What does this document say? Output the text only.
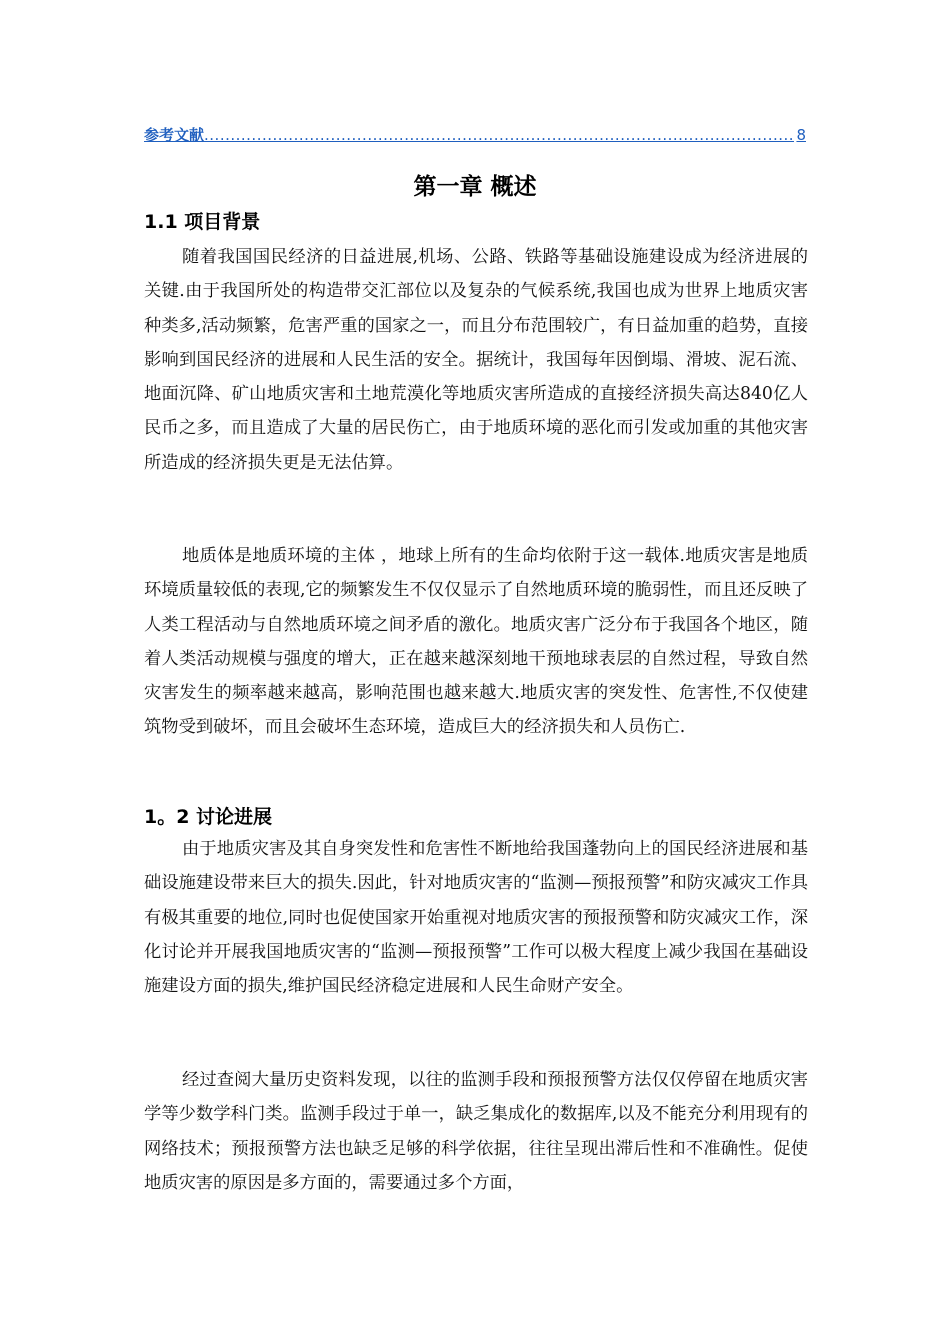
参考文献
.....	8
第一章 概述
1.1 项目背景

随着我国国民经济的日益进展,机场、公路、铁路等基础设施建设成为经济进展的关键.由于我国所处的构造带交汇部位以及复杂的气候系统,我国也成为世界上地质灾害种类多,活动频繁，危害严重的国家之一，而且分布范围较广，有日益加重的趋势，直接影响到国民经济的进展和人民生活的安全。据统计，我国每年因倒塌、滑坡、泥石流、地面沉降、矿山地质灾害和土地荒漠化等地质灾害所造成的直接经济损失高达840亿人民币之多，而且造成了大量的居民伤亡，由于地质环境的恶化而引发或加重的其他灾害所造成的经济损失更是无法估算。

地质体是地质环境的主体 ，地球上所有的生命均依附于这一载体.地质灾害是地质环境质量较低的表现,它的频繁发生不仅仅显示了自然地质环境的脆弱性，而且还反映了人类工程活动与自然地质环境之间矛盾的激化。地质灾害广泛分布于我国各个地区，随着人类活动规模与强度的增大，正在越来越深刻地干预地球表层的自然过程，导致自然灾害发生的频率越来越高，影响范围也越来越大.地质灾害的突发性、危害性,不仅使建筑物受到破坏，而且会破坏生态环境，造成巨大的经济损失和人员伤亡.

1。2 讨论进展

由于地质灾害及其自身突发性和危害性不断地给我国蓬勃向上的国民经济进展和基础设施建设带来巨大的损失.因此，针对地质灾害的“监测—预报预警”和防灾减灾工作具有极其重要的地位,同时也促使国家开始重视对地质灾害的预报预警和防灾减灾工作，深化讨论并开展我国地质灾害的“监测—预报预警”工作可以极大程度上减少我国在基础设施建设方面的损失,维护国民经济稳定进展和人民生命财产安全。

经过查阅大量历史资料发现，以往的监测手段和预报预警方法仅仅停留在地质灾害学等少数学科门类。监测手段过于单一，缺乏集成化的数据库,以及不能充分利用现有的网络技术；预报预警方法也缺乏足够的科学依据，往往呈现出滞后性和不准确性。促使地质灾害的原因是多方面的，需要通过多个方面，
